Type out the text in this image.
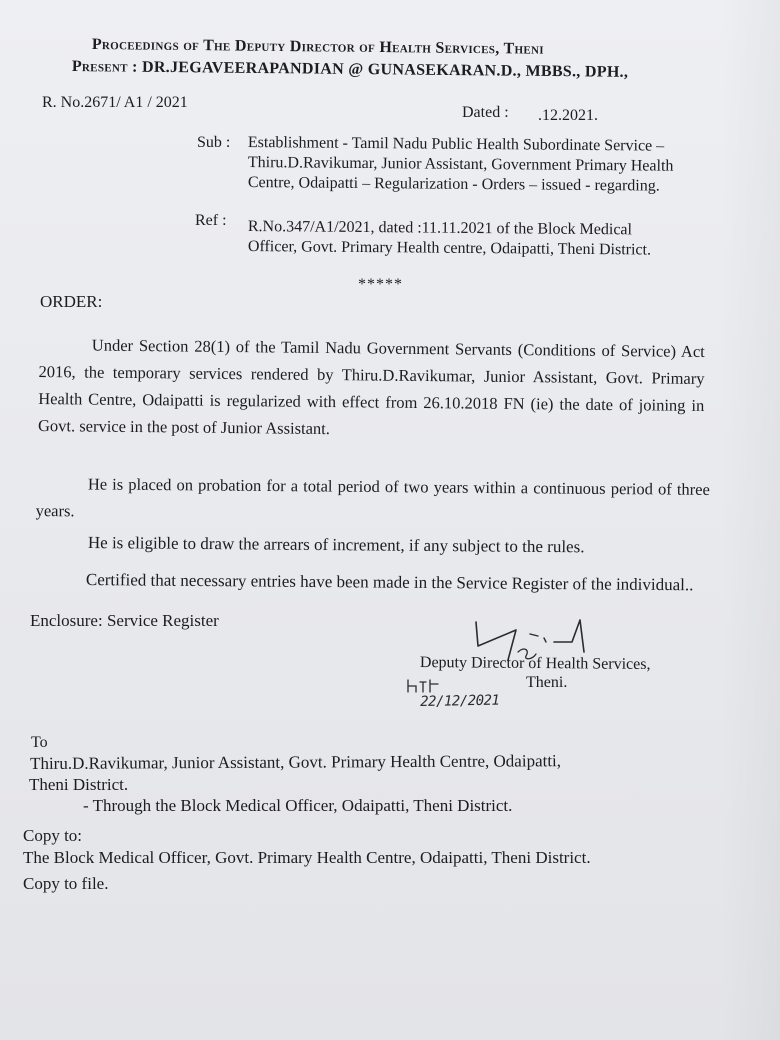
Proceedings of The Deputy Director of Health Services, Theni
Present : DR.JEGAVEERAPANDIAN @ GUNASEKARAN.D., MBBS., DPH.,
R. No.2671/ A1 / 2021
Dated : .12.2021.
Sub : Establishment - Tamil Nadu Public Health Subordinate Service –
Thiru.D.Ravikumar, Junior Assistant, Government Primary Health
Centre, Odaipatti – Regularization - Orders – issued - regarding.
Ref : R.No.347/A1/2021, dated :11.11.2021 of the Block Medical
Officer, Govt. Primary Health centre, Odaipatti, Theni District.
*****
ORDER:
Under Section 28(1) of the Tamil Nadu Government Servants (Conditions of Service) Act 2016, the temporary services rendered by Thiru.D.Ravikumar, Junior Assistant, Govt. Primary Health Centre, Odaipatti is regularized with effect from 26.10.2018 FN (ie) the date of joining in Govt. service in the post of Junior Assistant.
He is placed on probation for a total period of two years within a continuous period of three years.
He is eligible to draw the arrears of increment, if any subject to the rules.
Certified that necessary entries have been made in the Service Register of the individual..
Enclosure: Service Register
Deputy Director of Health Services,
Theni.
22/12/2021
To
Thiru.D.Ravikumar, Junior Assistant, Govt. Primary Health Centre, Odaipatti,
Theni District.
- Through the Block Medical Officer, Odaipatti, Theni District.
Copy to:
The Block Medical Officer, Govt. Primary Health Centre, Odaipatti, Theni District.
Copy to file.
